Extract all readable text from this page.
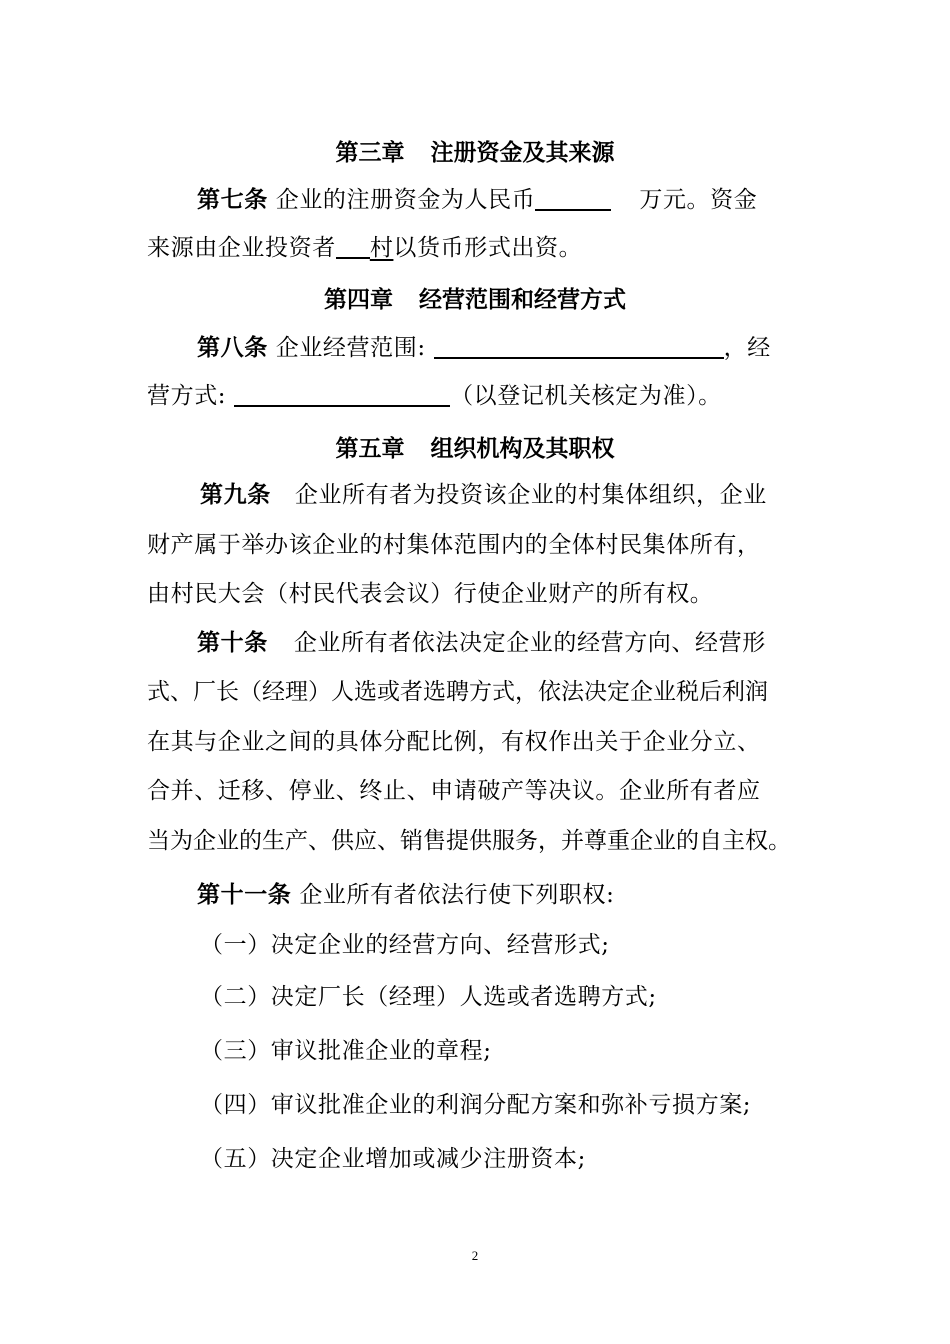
第三章 注册资金及其来源
第七条 企业的注册资金为人民币	万元。资金
来源由企业投资者 村以货币形式出资。
第四章 经营范围和经营方式
第八条 企业经营范围:	，经
营方式:	（以登记机关核定为准）。
第五章 组织机构及其职权
第九条 企业所有者为投资该企业的村集体组织，企业
财产属于举办该企业的村集体范围内的全体村民集体所有，
由村民大会（村民代表会议）行使企业财产的所有权。
第十条 企业所有者依法决定企业的经营方向、经营形
式、厂长（经理）人选或者选聘方式，依法决定企业税后利润
在其与企业之间的具体分配比例，有权作出关于企业分立、
合并、迁移、停业、终止、申请破产等决议。企业所有者应
当为企业的生产、供应、销售提供服务，并尊重企业的自主权。
第十一条 企业所有者依法行使下列职权:
（一）决定企业的经营方向、经营形式;
（二）决定厂长（经理）人选或者选聘方式;
（三）审议批准企业的章程;
（四）审议批准企业的利润分配方案和弥补亏损方案;
（五）决定企业增加或减少注册资本;
2
